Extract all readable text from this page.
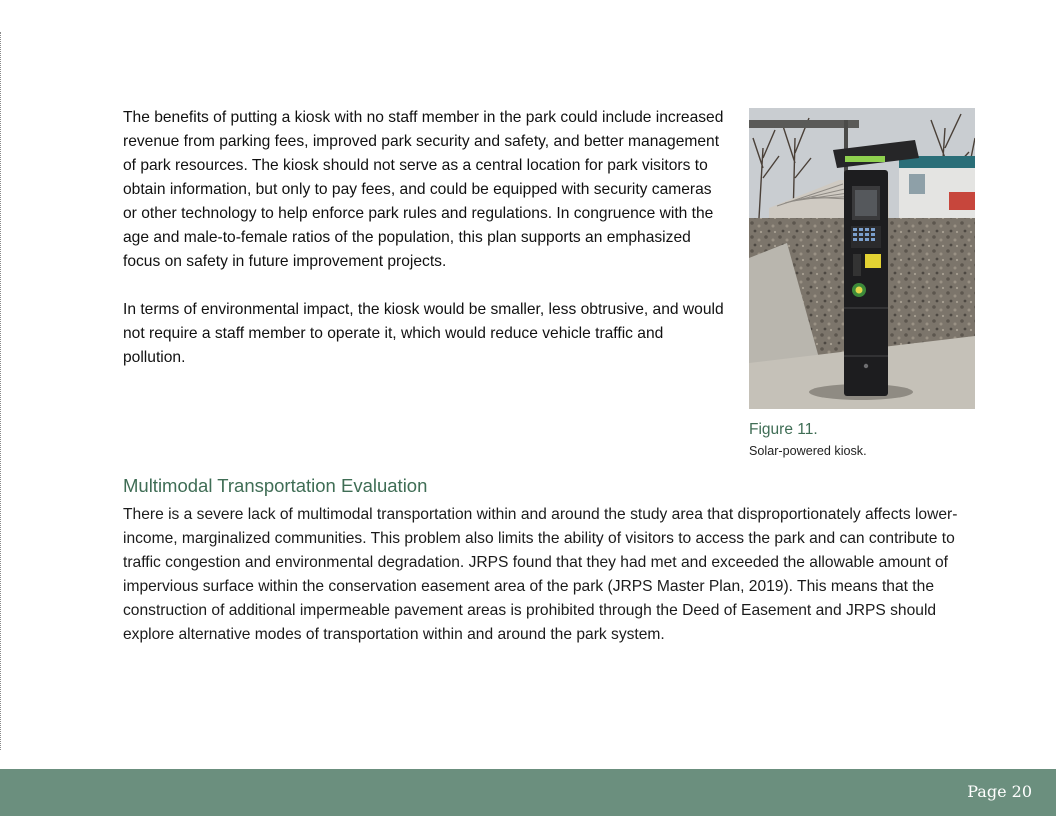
The benefits of putting a kiosk with no staff member in the park could include increased revenue from parking fees, improved park security and safety, and better management of park resources. The kiosk should not serve as a central location for park visitors to obtain information, but only to pay fees, and could be equipped with security cameras or other technology to help enforce park rules and regulations. In congruence with the age and male-to-female ratios of the population, this plan supports an emphasized focus on safety in future improvement projects.

In terms of environmental impact, the kiosk would be smaller, less obtrusive, and would not require a staff member to operate it, which would reduce vehicle traffic and pollution.

Figure 11.
Solar-powered kiosk.
Multimodal Transportation Evaluation

There is a severe lack of multimodal transportation within and around the study area that disproportionately affects lower-income, marginalized communities. This problem also limits the ability of visitors to access the park and can contribute to traffic congestion and environmental degradation. JRPS found that they had met and exceeded the allowable amount of impervious surface within the conservation easement area of the park (JRPS Master Plan, 2019). This means that the construction of additional impermeable pavement areas is prohibited through the Deed of Easement and JRPS should explore alternative modes of transportation within and around the park system.

Page 20
